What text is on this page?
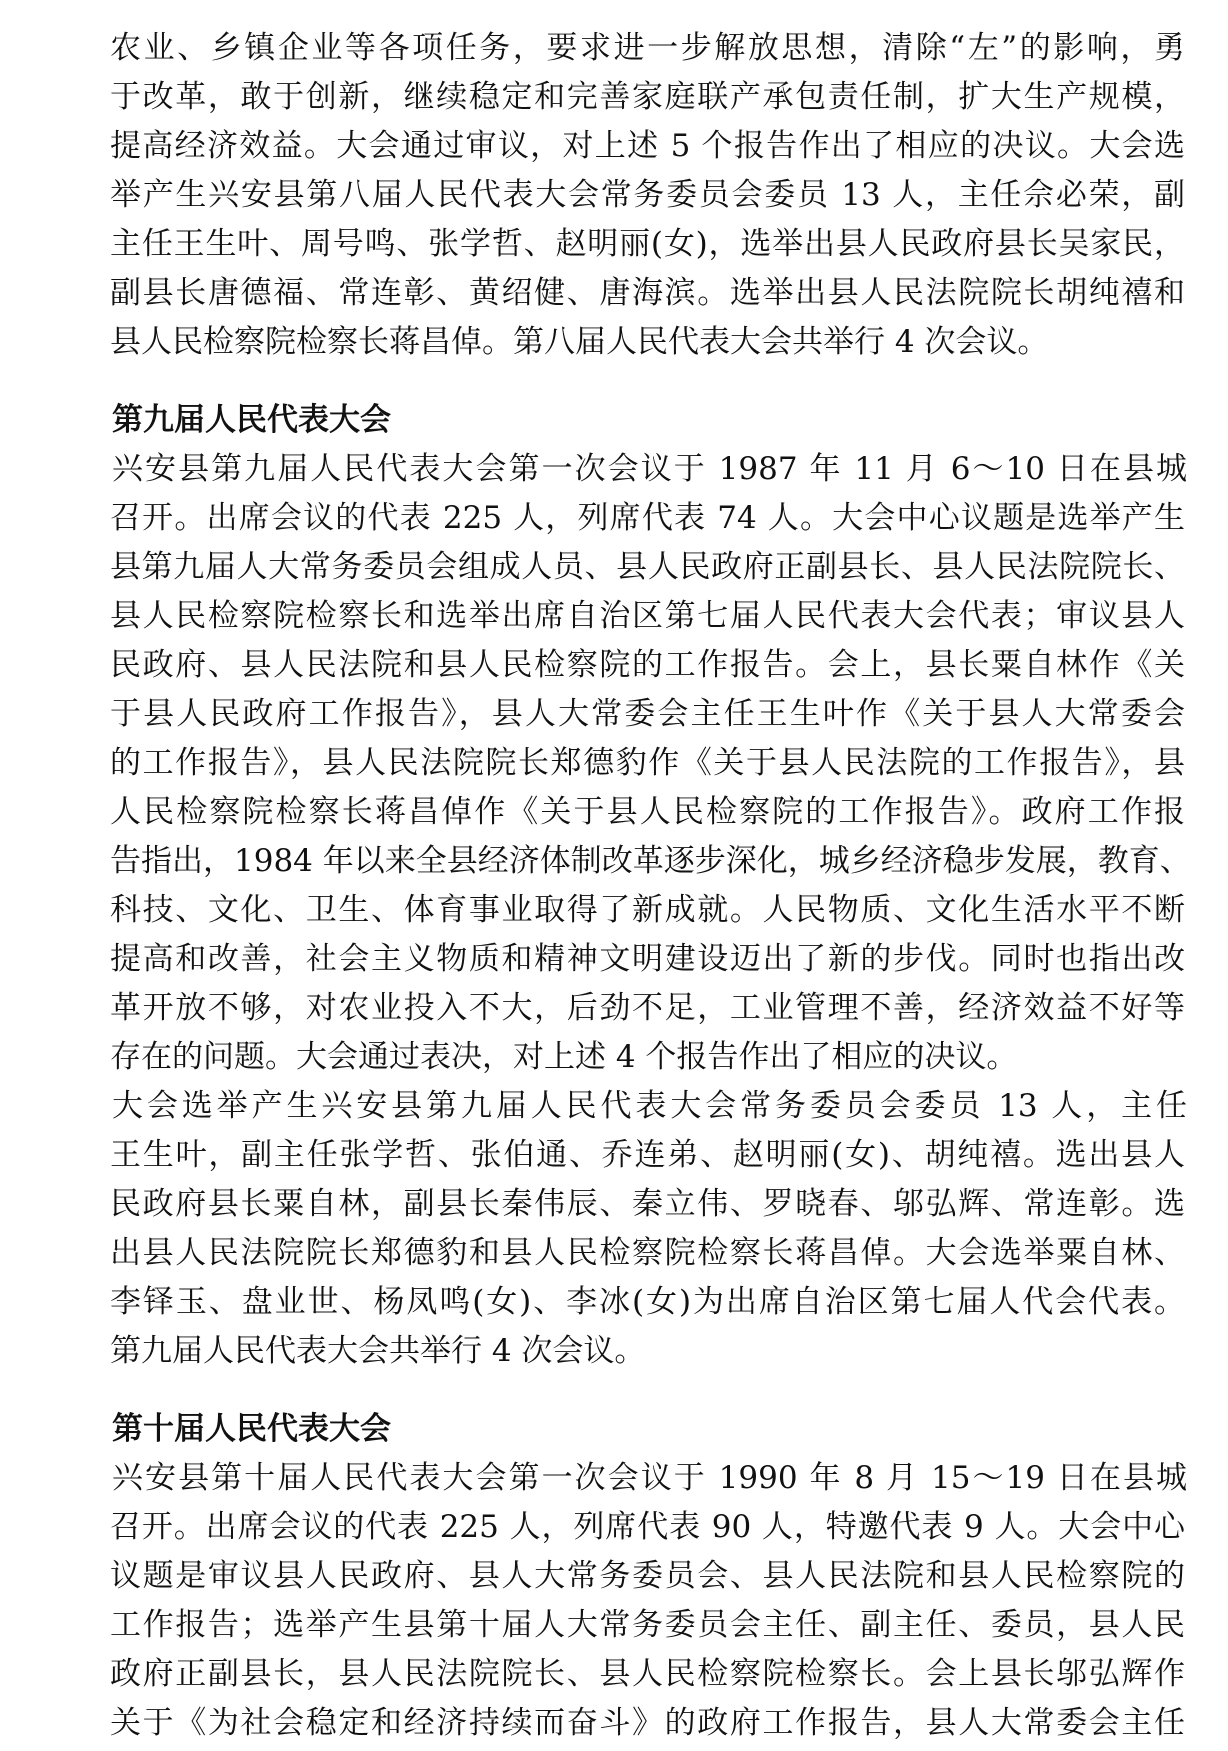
农业、乡镇企业等各项任务，要求进一步解放思想，清除“左”的影响，勇
于改革，敢于创新，继续稳定和完善家庭联产承包责任制，扩大生产规模，
提高经济效益。大会通过审议，对上述 5 个报告作出了相应的决议。大会选
举产生兴安县第八届人民代表大会常务委员会委员 13 人，主任佘必荣，副
主任王生叶、周号鸣、张学哲、赵明丽(女)，选举出县人民政府县长吴家民，
副县长唐德福、常连彰、黄绍健、唐海滨。选举出县人民法院院长胡纯禧和
县人民检察院检察长蒋昌倬。第八届人民代表大会共举行 4 次会议。
第九届人民代表大会
兴安县第九届人民代表大会第一次会议于 1987 年 11 月 6～10 日在县城
召开。出席会议的代表 225 人，列席代表 74 人。大会中心议题是选举产生
县第九届人大常务委员会组成人员、县人民政府正副县长、县人民法院院长、
县人民检察院检察长和选举出席自治区第七届人民代表大会代表；审议县人
民政府、县人民法院和县人民检察院的工作报告。会上，县长粟自林作《关
于县人民政府工作报告》，县人大常委会主任王生叶作《关于县人大常委会
的工作报告》，县人民法院院长郑德豹作《关于县人民法院的工作报告》，县
人民检察院检察长蒋昌倬作《关于县人民检察院的工作报告》。政府工作报
告指出，1984 年以来全县经济体制改革逐步深化，城乡经济稳步发展，教育、
科技、文化、卫生、体育事业取得了新成就。人民物质、文化生活水平不断
提高和改善，社会主义物质和精神文明建设迈出了新的步伐。同时也指出改
革开放不够，对农业投入不大，后劲不足，工业管理不善，经济效益不好等
存在的问题。大会通过表决，对上述 4 个报告作出了相应的决议。
大会选举产生兴安县第九届人民代表大会常务委员会委员 13 人，主任
王生叶，副主任张学哲、张伯通、乔连弟、赵明丽(女)、胡纯禧。选出县人
民政府县长粟自林，副县长秦伟辰、秦立伟、罗晓春、邬弘辉、常连彰。选
出县人民法院院长郑德豹和县人民检察院检察长蒋昌倬。大会选举粟自林、
李铎玉、盘业世、杨凤鸣(女)、李冰(女)为出席自治区第七届人代会代表。
第九届人民代表大会共举行 4 次会议。
第十届人民代表大会
兴安县第十届人民代表大会第一次会议于 1990 年 8 月 15～19 日在县城
召开。出席会议的代表 225 人，列席代表 90 人，特邀代表 9 人。大会中心
议题是审议县人民政府、县人大常务委员会、县人民法院和县人民检察院的
工作报告；选举产生县第十届人大常务委员会主任、副主任、委员，县人民
政府正副县长，县人民法院院长、县人民检察院检察长。会上县长邬弘辉作
关于《为社会稳定和经济持续而奋斗》的政府工作报告，县人大常委会主任
